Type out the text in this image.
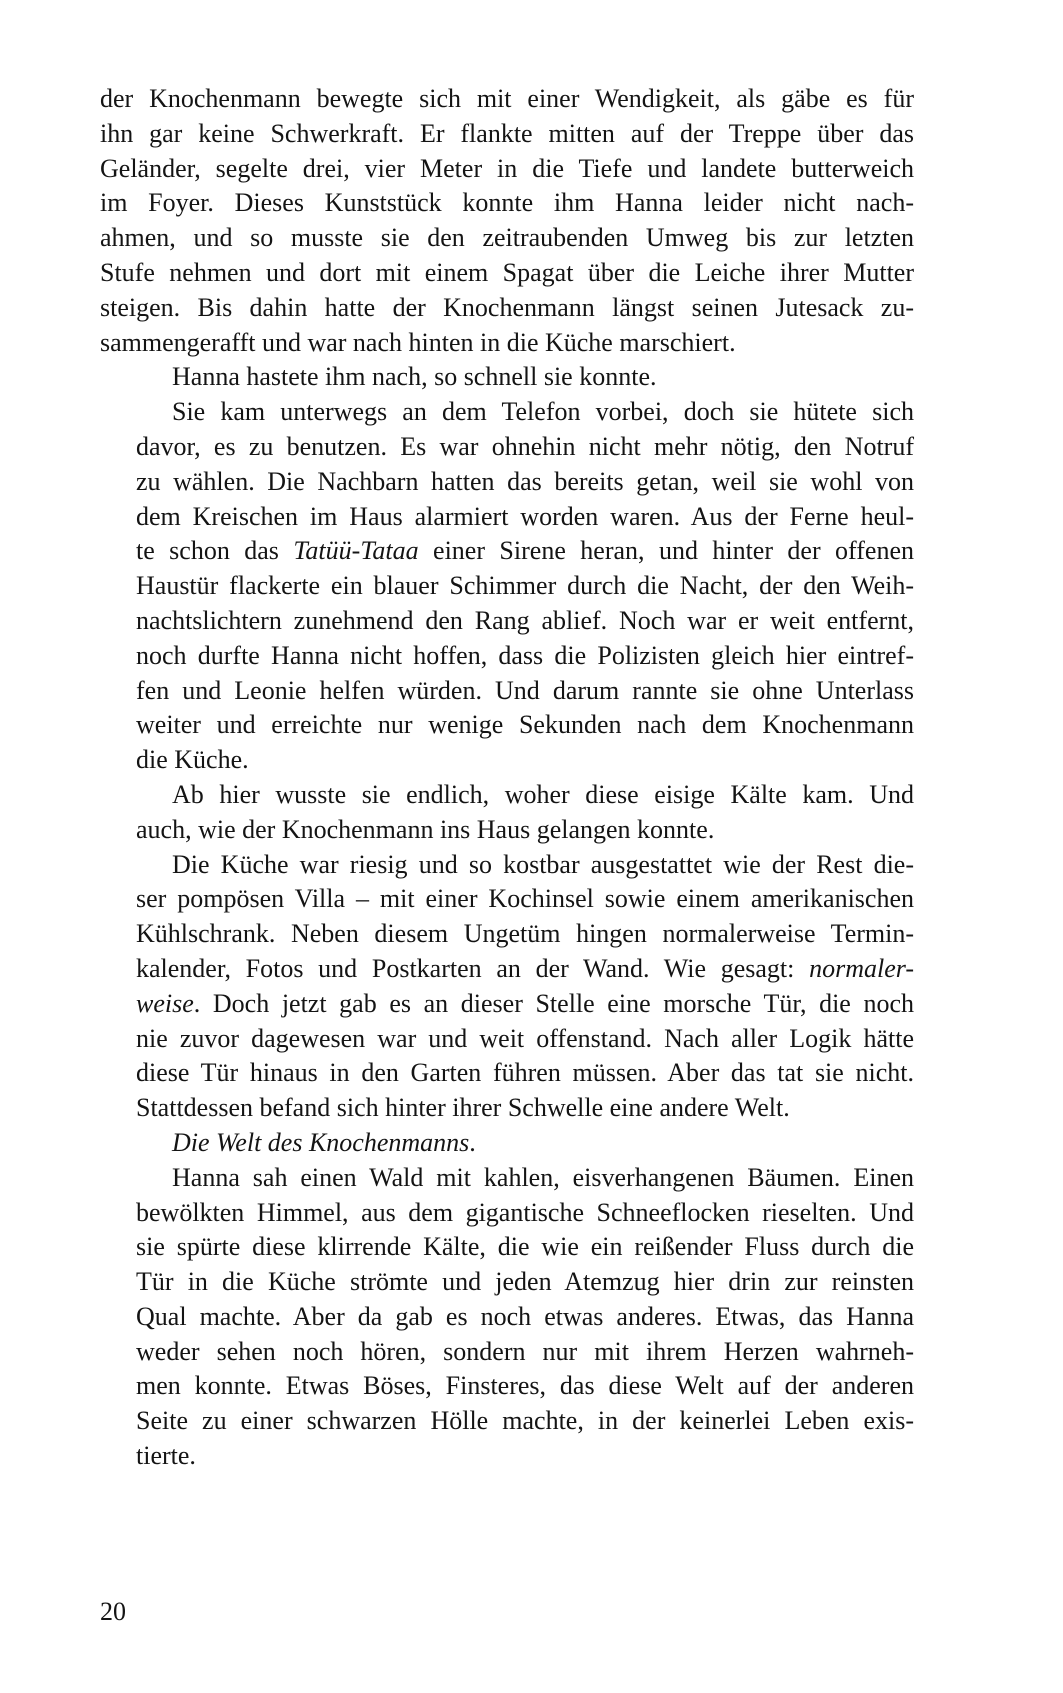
der Knochenmann bewegte sich mit einer Wendigkeit, als gäbe es für
ihn gar keine Schwerkraft. Er flankte mitten auf der Treppe über das
Geländer, segelte drei, vier Meter in die Tiefe und landete butterweich
im Foyer. Dieses Kunststück konnte ihm Hanna leider nicht nach-
ahmen, und so musste sie den zeitraubenden Umweg bis zur letzten
Stufe nehmen und dort mit einem Spagat über die Leiche ihrer Mutter
steigen. Bis dahin hatte der Knochenmann längst seinen Jutesack zu-
sammengerafft und war nach hinten in die Küche marschiert.

Hanna hastete ihm nach, so schnell sie konnte.

Sie kam unterwegs an dem Telefon vorbei, doch sie hütete sich
davor, es zu benutzen. Es war ohnehin nicht mehr nötig, den Notruf
zu wählen. Die Nachbarn hatten das bereits getan, weil sie wohl von
dem Kreischen im Haus alarmiert worden waren. Aus der Ferne heul-
te schon das Tatüü-Tataa einer Sirene heran, und hinter der offenen
Haustür flackerte ein blauer Schimmer durch die Nacht, der den Weih-
nachtslichtern zunehmend den Rang ablief. Noch war er weit entfernt,
noch durfte Hanna nicht hoffen, dass die Polizisten gleich hier eintref-
fen und Leonie helfen würden. Und darum rannte sie ohne Unterlass
weiter und erreichte nur wenige Sekunden nach dem Knochenmann
die Küche.

Ab hier wusste sie endlich, woher diese eisige Kälte kam. Und
auch, wie der Knochenmann ins Haus gelangen konnte.

Die Küche war riesig und so kostbar ausgestattet wie der Rest die-
ser pompösen Villa – mit einer Kochinsel sowie einem amerikanischen
Kühlschrank. Neben diesem Ungetüm hingen normalerweise Termin-
kalender, Fotos und Postkarten an der Wand. Wie gesagt: normaler-
weise. Doch jetzt gab es an dieser Stelle eine morsche Tür, die noch
nie zuvor dagewesen war und weit offenstand. Nach aller Logik hätte
diese Tür hinaus in den Garten führen müssen. Aber das tat sie nicht.
Stattdessen befand sich hinter ihrer Schwelle eine andere Welt.

Die Welt des Knochenmanns.

Hanna sah einen Wald mit kahlen, eisverhangenen Bäumen. Einen
bewölkten Himmel, aus dem gigantische Schneeflocken rieselten. Und
sie spürte diese klirrende Kälte, die wie ein reißender Fluss durch die
Tür in die Küche strömte und jeden Atemzug hier drin zur reinsten
Qual machte. Aber da gab es noch etwas anderes. Etwas, das Hanna
weder sehen noch hören, sondern nur mit ihrem Herzen wahrneh-
men konnte. Etwas Böses, Finsteres, das diese Welt auf der anderen
Seite zu einer schwarzen Hölle machte, in der keinerlei Leben exis-
tierte.

20
